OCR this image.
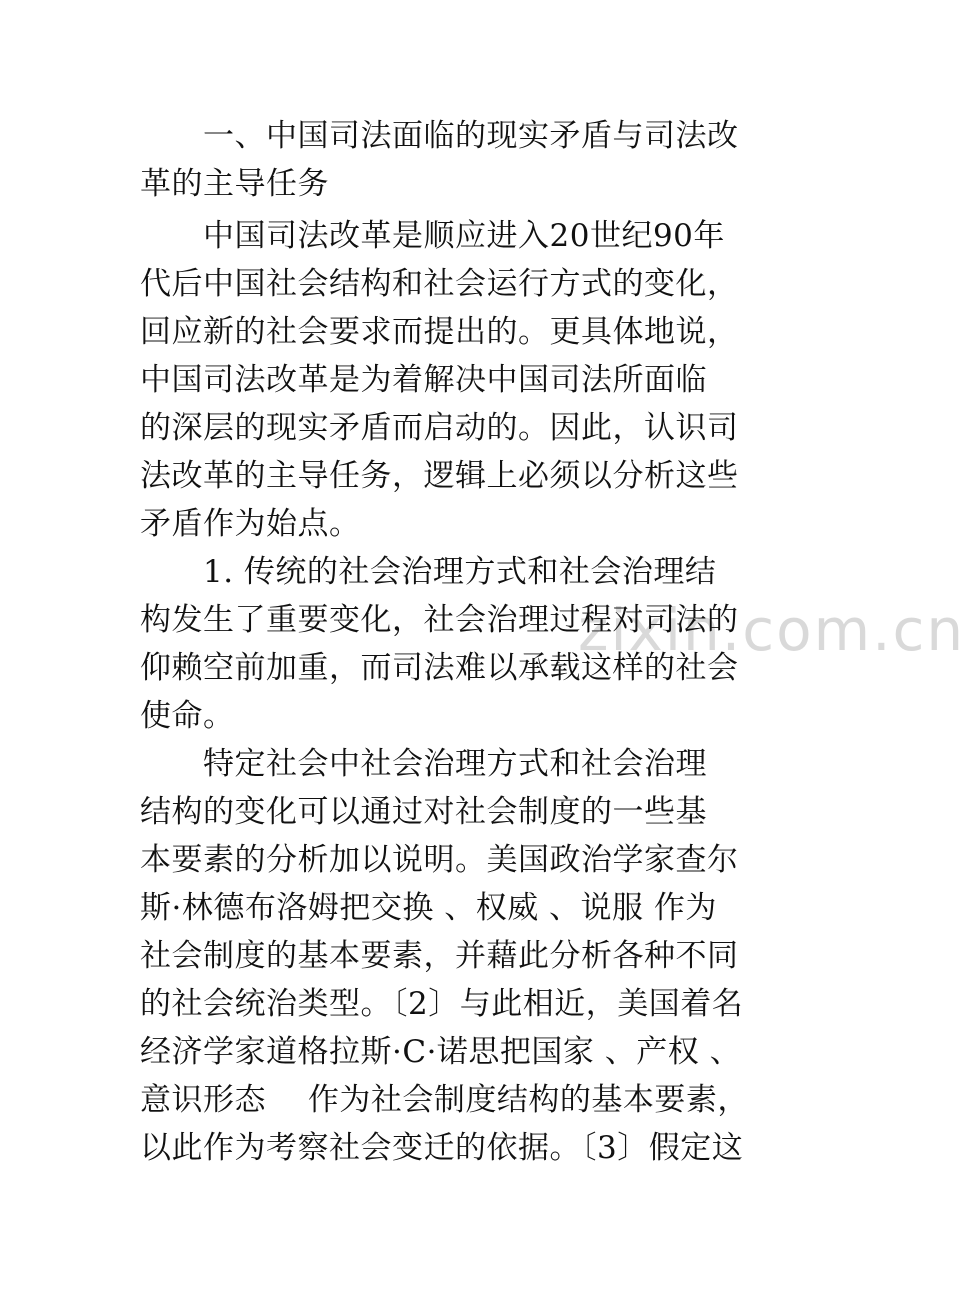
zixin.com.cn
　　一、中国司法面临的现实矛盾与司法改
革的主导任务
　　中国司法改革是顺应进入20世纪90年
代后中国社会结构和社会运行方式的变化，
回应新的社会要求而提出的。更具体地说，
中国司法改革是为着解决中国司法所面临
的深层的现实矛盾而启动的。因此，认识司
法改革的主导任务，逻辑上必须以分析这些
矛盾作为始点。
　　1. 传统的社会治理方式和社会治理结
构发生了重要变化，社会治理过程对司法的
仰赖空前加重，而司法难以承载这样的社会
使命。
　　特定社会中社会治理方式和社会治理
结构的变化可以通过对社会制度的一些基
本要素的分析加以说明。美国政治学家查尔
斯·林德布洛姆把交换 、权威 、说服 作为
社会制度的基本要素，并藉此分析各种不同
的社会统治类型。〔2〕与此相近，美国着名
经济学家道格拉斯·C·诺思把国家 、产权 、
意识形态　 作为社会制度结构的基本要素，
以此作为考察社会变迁的依据。〔3〕假定这
